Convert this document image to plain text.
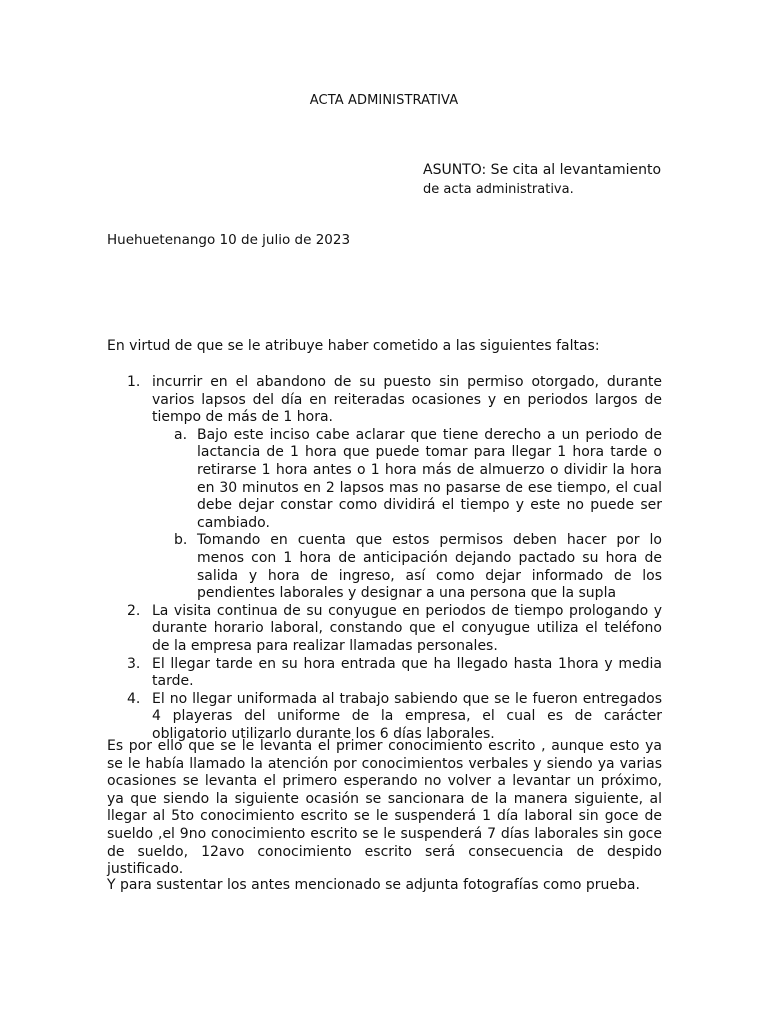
ACTA ADMINISTRATIVA
ASUNTO: Se cita al levantamiento
de acta administrativa.
Huehuetenango 10 de julio de 2023
En virtud de que se le atribuye haber cometido a las siguientes faltas:
1. incurrir en el abandono de su puesto sin permiso otorgado, durante varios lapsos del día en reiteradas ocasiones y en periodos largos de tiempo de más de 1 hora.
a. Bajo este inciso cabe aclarar que tiene derecho a un periodo de lactancia de 1 hora que puede tomar para llegar 1 hora tarde o retirarse 1 hora antes o 1 hora más de almuerzo o dividir la hora en 30 minutos en 2 lapsos mas no pasarse de ese tiempo, el cual debe dejar constar como dividirá el tiempo y este no puede ser cambiado.
b. Tomando en cuenta que estos permisos deben hacer por lo menos con 1 hora de anticipación dejando pactado su hora de salida y hora de ingreso, así como dejar informado de los pendientes laborales y designar a una persona que la supla
2. La visita continua de su conyugue en periodos de tiempo prologando y durante horario laboral, constando que el conyugue utiliza el teléfono de la empresa para realizar llamadas personales.
3. El llegar tarde en su hora entrada que ha llegado hasta 1hora y media tarde.
4. El no llegar uniformada al trabajo sabiendo que se le fueron entregados 4 playeras del uniforme de la empresa, el cual es de carácter obligatorio utilizarlo durante los 6 días laborales.
Es por ello que se le levanta el primer conocimiento escrito , aunque esto ya se le había llamado la atención por conocimientos verbales y siendo ya varias ocasiones se levanta el primero esperando no volver a levantar un próximo, ya que siendo la siguiente ocasión se sancionara de la manera siguiente, al llegar al 5to conocimiento escrito se le suspenderá 1 día laboral sin goce de sueldo ,el 9no conocimiento escrito se le suspenderá 7 días laborales sin goce de sueldo, 12avo conocimiento escrito será consecuencia de despido justificado.
Y para sustentar los antes mencionado se adjunta fotografías como prueba.
